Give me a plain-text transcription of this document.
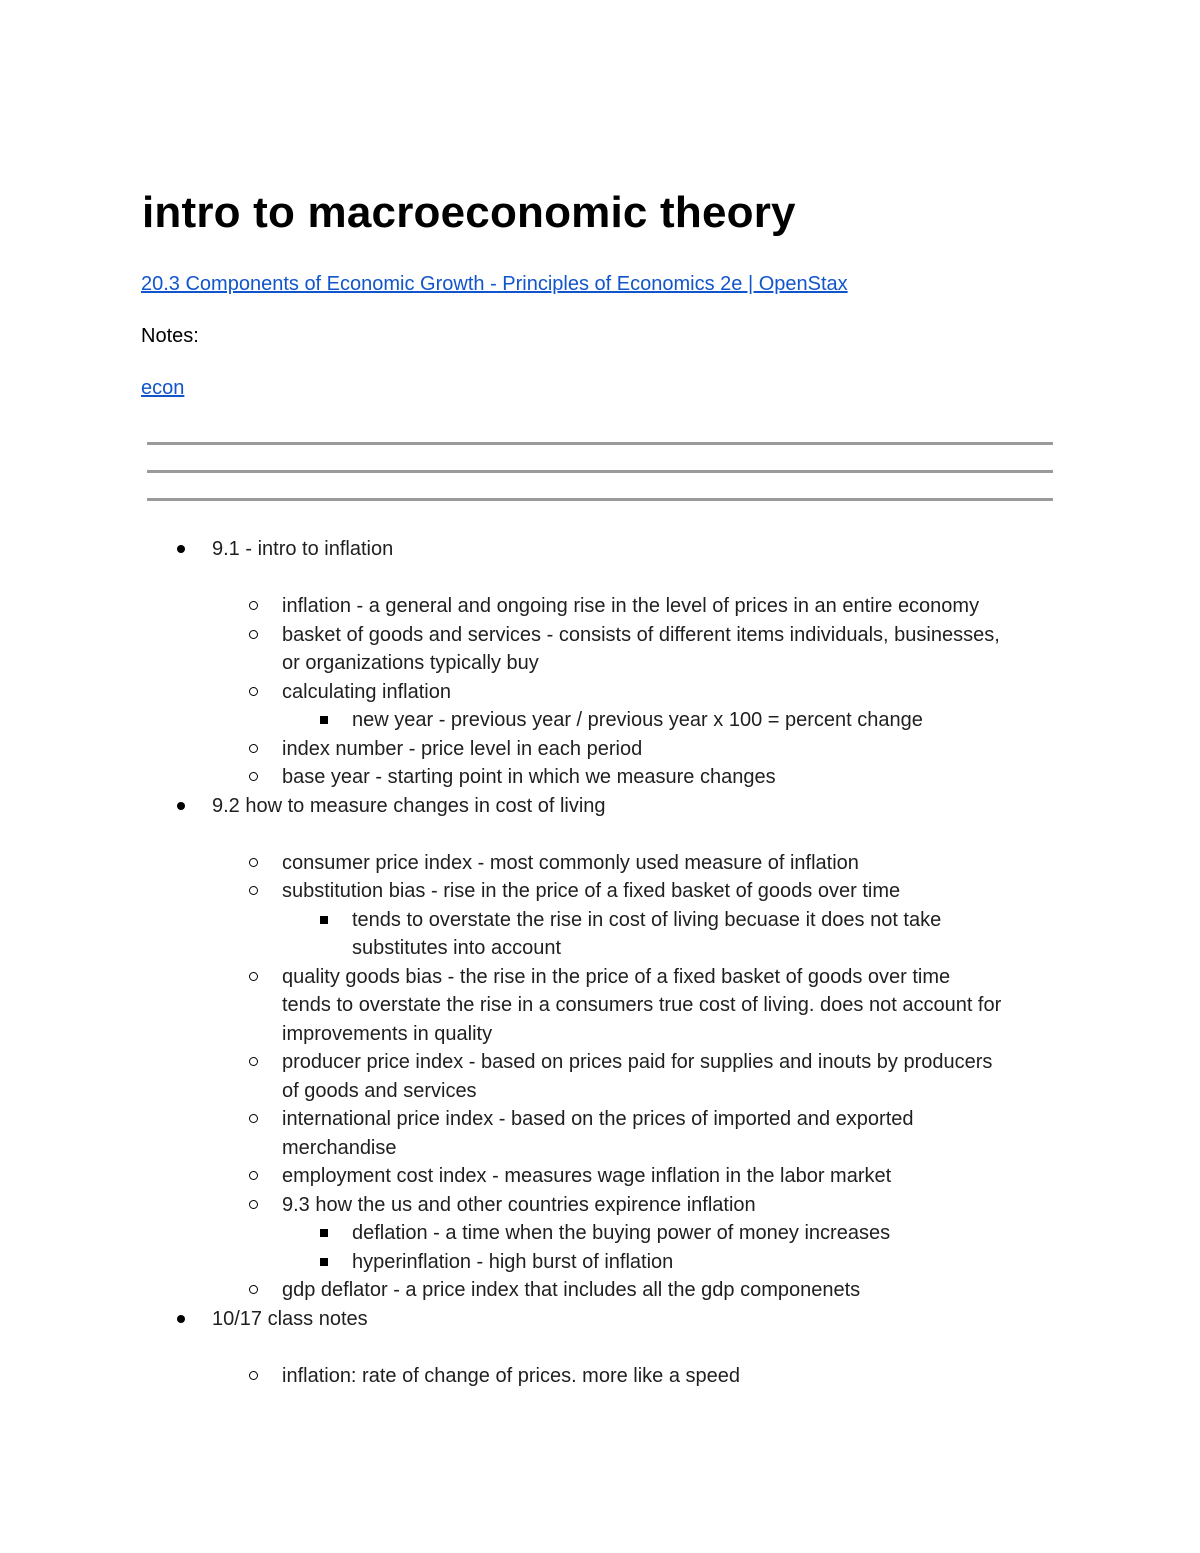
intro to macroeconomic theory
20.3 Components of Economic Growth - Principles of Economics 2e | OpenStax
Notes:
econ
9.1 - intro to inflation
inflation - a general and ongoing rise in the level of prices in an entire economy
basket of goods and services - consists of different items individuals, businesses,
or organizations typically buy
calculating inflation
new year - previous year / previous year x 100 = percent change
index number - price level in each period
base year - starting point in which we measure changes
9.2 how to measure changes in cost of living
consumer price index - most commonly used measure of inflation
substitution bias - rise in the price of a fixed basket of goods over time
tends to overstate the rise in cost of living becuase it does not take
substitutes into account
quality goods bias - the rise in the price of a fixed basket of goods over time
tends to overstate the rise in a consumers true cost of living. does not account for
improvements in quality
producer price index - based on prices paid for supplies and inouts by producers
of goods and services
international price index - based on the prices of imported and exported
merchandise
employment cost index - measures wage inflation in the labor market
9.3 how the us and other countries expirence inflation
deflation - a time when the buying power of money increases
hyperinflation - high burst of inflation
gdp deflator - a price index that includes all the gdp componenets
10/17 class notes
inflation: rate of change of prices. more like a speed
